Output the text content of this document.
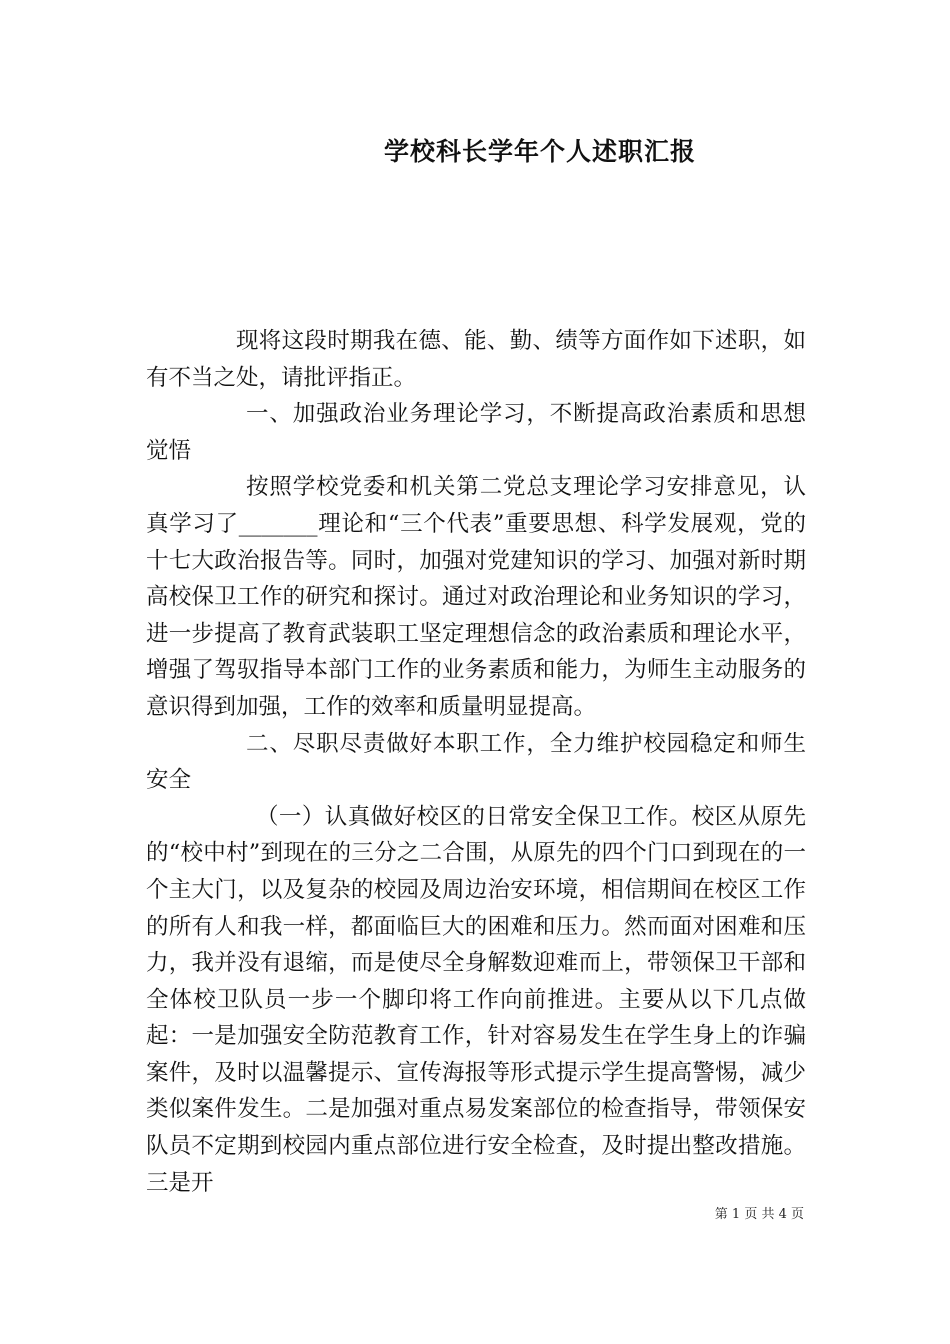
学校科长学年个人述职汇报

现将这段时期我在德、能、勤、绩等方面作如下述职，如有不当之处，请批评指正。

一、加强政治业务理论学习，不断提高政治素质和思想觉悟

按照学校党委和机关第二党总支理论学习安排意见，认真学习了_______理论和“三个代表”重要思想、科学发展观，党的十七大政治报告等。同时，加强对党建知识的学习、加强对新时期高校保卫工作的研究和探讨。通过对政治理论和业务知识的学习，进一步提高了教育武装职工坚定理想信念的政治素质和理论水平，增强了驾驭指导本部门工作的业务素质和能力，为师生主动服务的意识得到加强，工作的效率和质量明显提高。

二、尽职尽责做好本职工作，全力维护校园稳定和师生安全

（一）认真做好校区的日常安全保卫工作。校区从原先的“校中村”到现在的三分之二合围，从原先的四个门口到现在的一个主大门，以及复杂的校园及周边治安环境，相信期间在校区工作的所有人和我一样，都面临巨大的困难和压力。然而面对困难和压力，我并没有退缩，而是使尽全身解数迎难而上，带领保卫干部和全体校卫队员一步一个脚印将工作向前推进。主要从以下几点做起：一是加强安全防范教育工作，针对容易发生在学生身上的诈骗案件，及时以温馨提示、宣传海报等形式提示学生提高警惕，减少类似案件发生。二是加强对重点易发案部位的检查指导，带领保安队员不定期到校园内重点部位进行安全检查，及时提出整改措施。三是开

第 1 页 共 4 页
